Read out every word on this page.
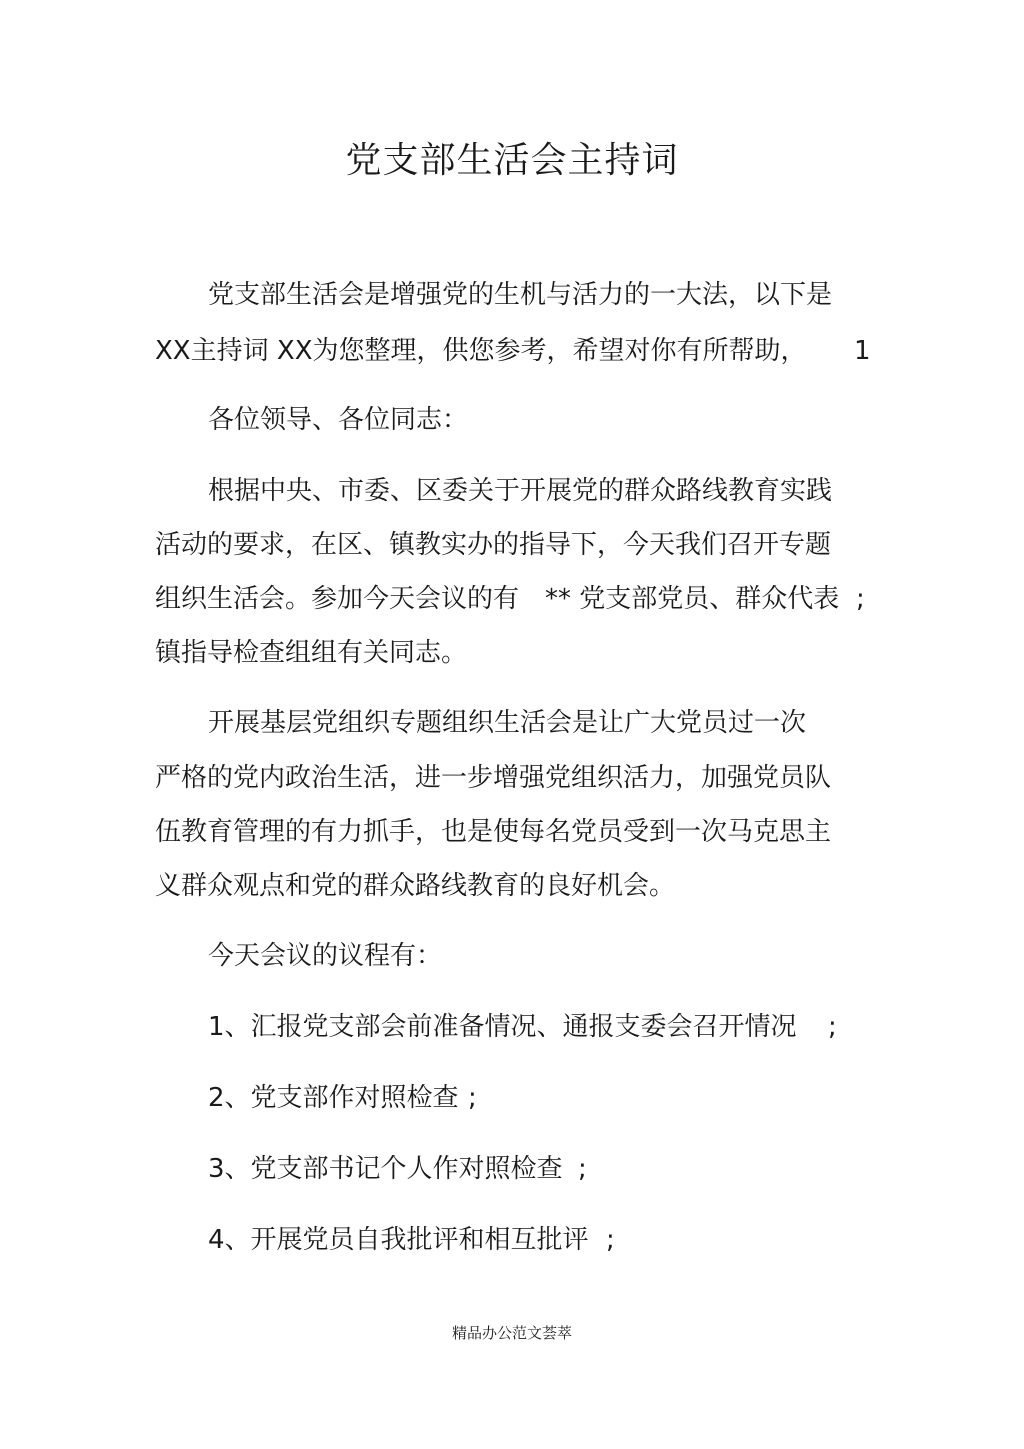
党支部生活会主持词
党支部生活会是增强党的生机与活力的一大法，以下是
XX主持词 XX为您整理，供您参考，希望对你有所帮助， 1
各位领导、各位同志：
根据中央、市委、区委关于开展党的群众路线教育实践
活动的要求，在区、镇教实办的指导下，今天我们召开专题
组织生活会。参加今天会议的有 ** 党支部党员、群众代表 ;
镇指导检查组组有关同志。
开展基层党组织专题组织生活会是让广大党员过一次
严格的党内政治生活，进一步增强党组织活力，加强党员队
伍教育管理的有力抓手，也是使每名党员受到一次马克思主
义群众观点和党的群众路线教育的良好机会。
今天会议的议程有：
1、汇报党支部会前准备情况、通报支委会召开情况 ;
2、党支部作对照检查 ;
3、党支部书记个人作对照检查 ;
4、开展党员自我批评和相互批评 ;
精品办公范文荟萃
